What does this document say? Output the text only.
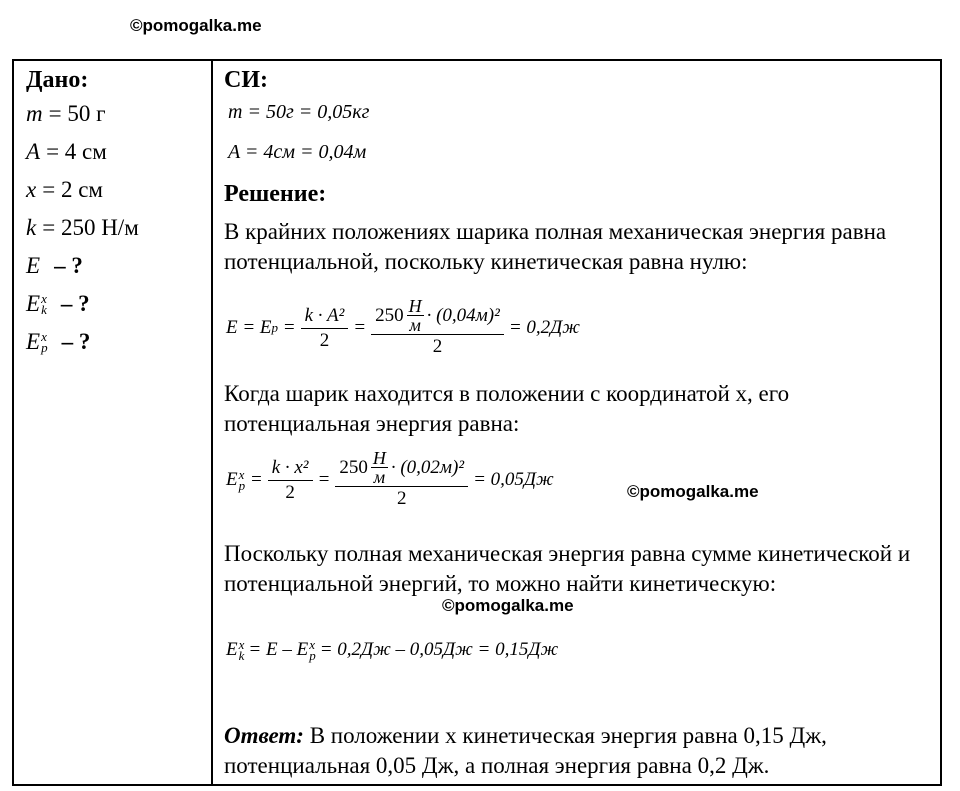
©pomogalka.me
©pomogalka.me
©pomogalka.me
Дано:
m = 50 г
A = 4 см
x = 2 см
k = 250 Н/м
E – ?
E x
k – ?
E x
p – ?
СИ:
m = 50г = 0,05кг
A = 4см = 0,04м
Решение:
В крайних положениях шарика полная механическая энергия равна потенциальной, поскольку кинетическая равна нулю:
E = E $p = \frac{\text{k · A²}}{2}$ =
$250 \frac{Н}{м} \cdot (0,04м)^2$
2
= 0,2Дж
Когда шарик находится в положении с координатой х, его потенциальная энергия равна:
E x
$p = \frac{\text{k · x²}}{2}$ =
$250 \frac{Н}{м} \cdot (0,02м)^2$
2
= 0,05Дж
Поскольку полная механическая энергия равна сумме кинетической и потенциальной энергий, то можно найти кинетическую:
E x
k = E – E x
p = 0,2Дж – 0,05Дж = 0,15Дж
Ответ: В положении х кинетическая энергия равна 0,15 Дж, потенциальная 0,05 Дж, а полная энергия равна 0,2 Дж.
